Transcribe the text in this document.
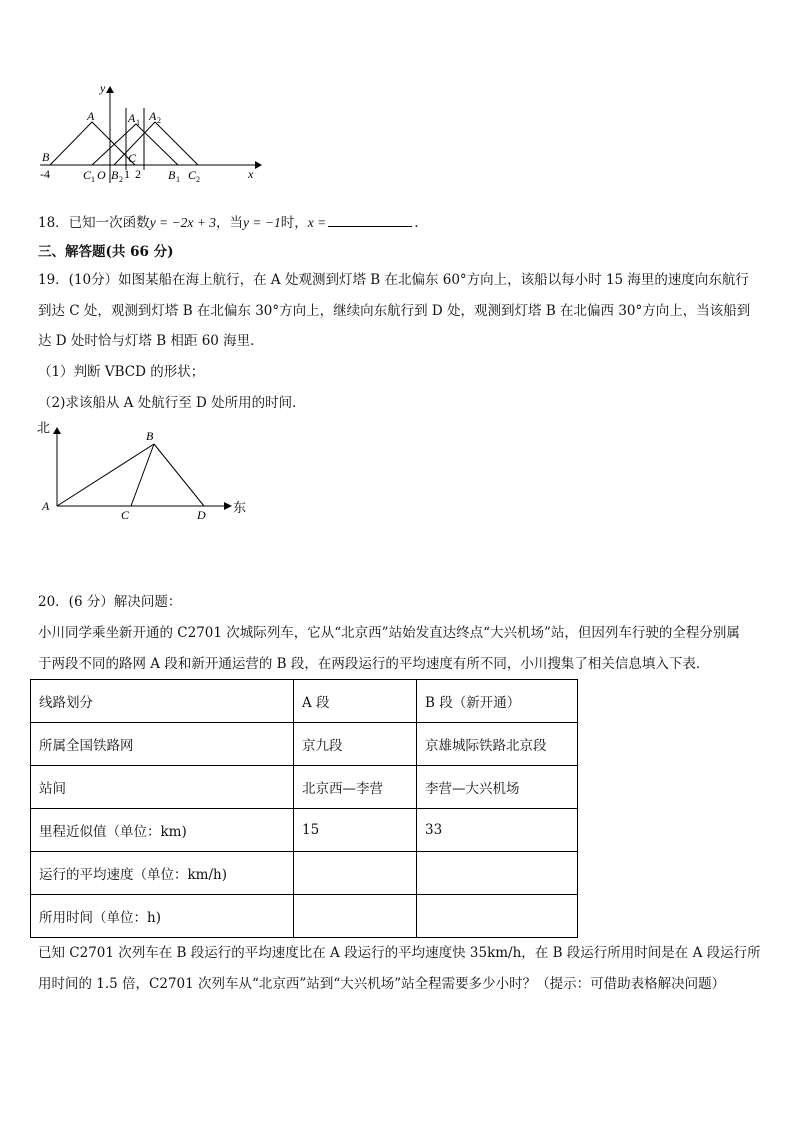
y
x
A	A 1 A 2
B	C
-4	C 1 O B 2 1 2 B 1 C 2
18．已知一次函数y = −2x + 3，当y = −1时，x =	.
三、解答题(共 66 分)
19．(10分）如图某船在海上航行，在 A 处观测到灯塔 B 在北偏东 60°方向上，该船以每小时 15 海里的速度向东航行
到达 C 处，观测到灯塔 B 在北偏东 30°方向上，继续向东航行到 D 处，观测到灯塔 B 在北偏西 30°方向上，当该船到
达 D 处时恰与灯塔 B 相距 60 海里．
（1）判断 VBCD 的形状；
（2)求该船从 A 处航行至 D 处所用的时间．
北
东
A
B
C	D
20．(6 分）解决问题：
小川同学乘坐新开通的 C2701 次城际列车，它从“北京西”站始发直达终点“大兴机场”站，但因列车行驶的全程分别属
于两段不同的路网 A 段和新开通运营的 B 段，在两段运行的平均速度有所不同，小川搜集了相关信息填入下表．
线路划分	A 段	B 段（新开通）
所属全国铁路网	京九段	京雄城际铁路北京段
站间	北京西—李营	李营—大兴机场
里程近似值（单位：km)	15	33
运行的平均速度（单位：km/h)		
所用时间（单位：h)		
已知 C2701 次列车在 B 段运行的平均速度比在 A 段运行的平均速度快 35km/h，在 B 段运行所用时间是在 A 段运行所
用时间的 1.5 倍，C2701 次列车从“北京西”站到“大兴机场”站全程需要多少小时？（提示：可借助表格解决问题）
